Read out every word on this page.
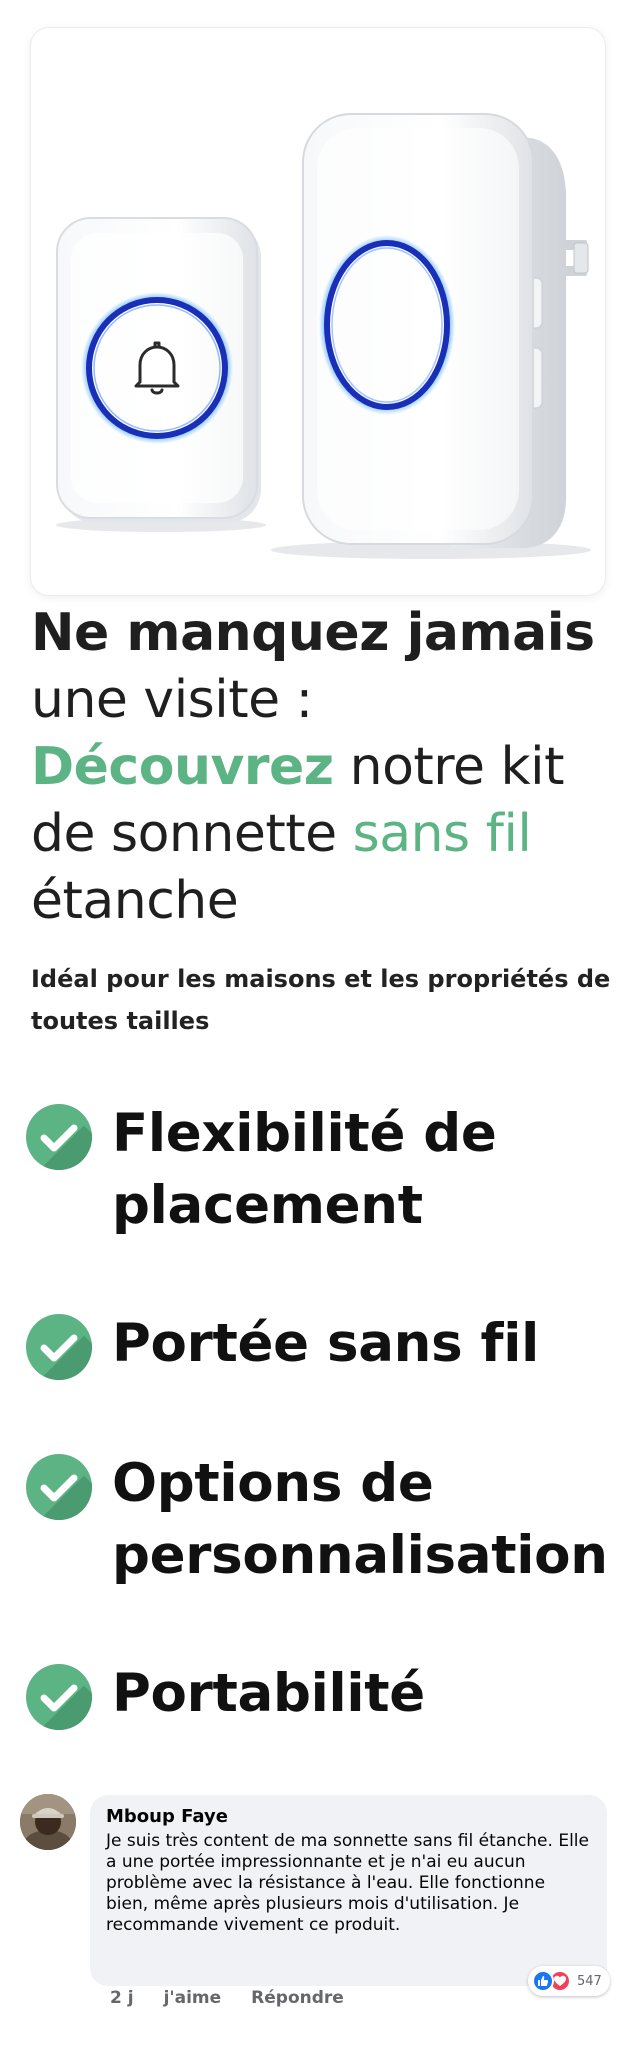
Ne manquez jamais
une visite :
Découvrez notre kit
de sonnette sans fil
étanche
Idéal pour les maisons et les propriétés de toutes tailles
Flexibilité de placement
Portée sans fil
Options de personnalisation
Portabilité
Mboup Faye
Je suis très content de ma sonnette sans fil étanche. Elle a une portée impressionnante et je n'ai eu aucun problème avec la résistance à l'eau. Elle fonctionne bien, même après plusieurs mois d'utilisation. Je recommande vivement ce produit.
547
2 j j'aime Répondre
